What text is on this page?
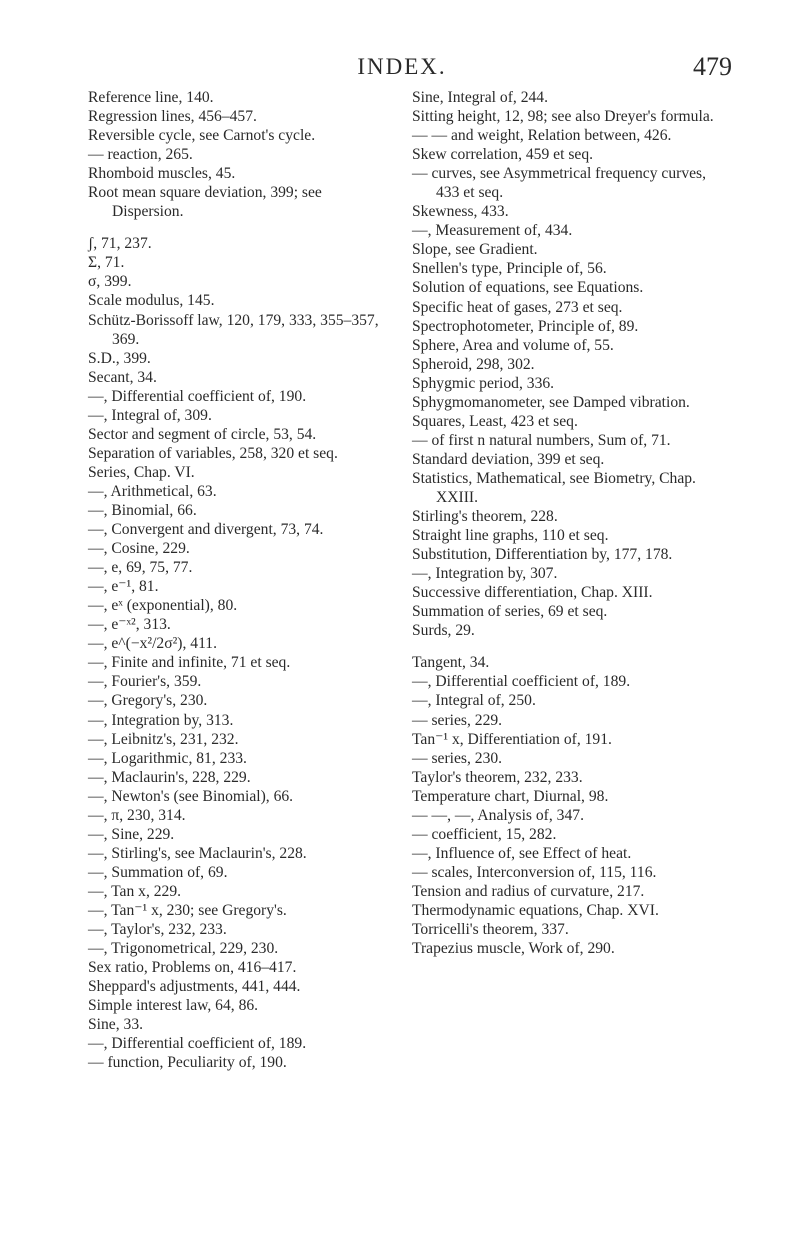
INDEX.	479
Reference line, 140.
Regression lines, 456–457.
Reversible cycle, see Carnot's cycle.
— reaction, 265.
Rhomboid muscles, 45.
Root mean square deviation, 399; see Dispersion.
ʃ, 71, 237.
Σ, 71.
σ, 399.
Scale modulus, 145.
Schütz-Borissoff law, 120, 179, 333, 355–357, 369.
S.D., 399.
Secant, 34.
—, Differential coefficient of, 190.
—, Integral of, 309.
Sector and segment of circle, 53, 54.
Separation of variables, 258, 320 et seq.
Series, Chap. VI.
—, Arithmetical, 63.
—, Binomial, 66.
—, Convergent and divergent, 73, 74.
—, Cosine, 229.
—, e, 69, 75, 77.
—, e⁻¹, 81.
—, eˣ (exponential), 80.
—, e⁻ˣ², 313.
—, e^(−x²/2σ²), 411.
—, Finite and infinite, 71 et seq.
—, Fourier's, 359.
—, Gregory's, 230.
—, Integration by, 313.
—, Leibnitz's, 231, 232.
—, Logarithmic, 81, 233.
—, Maclaurin's, 228, 229.
—, Newton's (see Binomial), 66.
—, π, 230, 314.
—, Sine, 229.
—, Stirling's, see Maclaurin's, 228.
—, Summation of, 69.
—, Tan x, 229.
—, Tan⁻¹ x, 230; see Gregory's.
—, Taylor's, 232, 233.
—, Trigonometrical, 229, 230.
Sex ratio, Problems on, 416–417.
Sheppard's adjustments, 441, 444.
Simple interest law, 64, 86.
Sine, 33.
—, Differential coefficient of, 189.
— function, Peculiarity of, 190.
Sine, Integral of, 244.
Sitting height, 12, 98; see also Dreyer's formula.
— — and weight, Relation between, 426.
Skew correlation, 459 et seq.
— curves, see Asymmetrical frequency curves, 433 et seq.
Skewness, 433.
—, Measurement of, 434.
Slope, see Gradient.
Snellen's type, Principle of, 56.
Solution of equations, see Equations.
Specific heat of gases, 273 et seq.
Spectrophotometer, Principle of, 89.
Sphere, Area and volume of, 55.
Spheroid, 298, 302.
Sphygmic period, 336.
Sphygmomanometer, see Damped vibration.
Squares, Least, 423 et seq.
— of first n natural numbers, Sum of, 71.
Standard deviation, 399 et seq.
Statistics, Mathematical, see Biometry, Chap. XXIII.
Stirling's theorem, 228.
Straight line graphs, 110 et seq.
Substitution, Differentiation by, 177, 178.
—, Integration by, 307.
Successive differentiation, Chap. XIII.
Summation of series, 69 et seq.
Surds, 29.
Tangent, 34.
—, Differential coefficient of, 189.
—, Integral of, 250.
— series, 229.
Tan⁻¹ x, Differentiation of, 191.
— series, 230.
Taylor's theorem, 232, 233.
Temperature chart, Diurnal, 98.
— —, —, Analysis of, 347.
— coefficient, 15, 282.
—, Influence of, see Effect of heat.
— scales, Interconversion of, 115, 116.
Tension and radius of curvature, 217.
Thermodynamic equations, Chap. XVI.
Torricelli's theorem, 337.
Trapezius muscle, Work of, 290.
